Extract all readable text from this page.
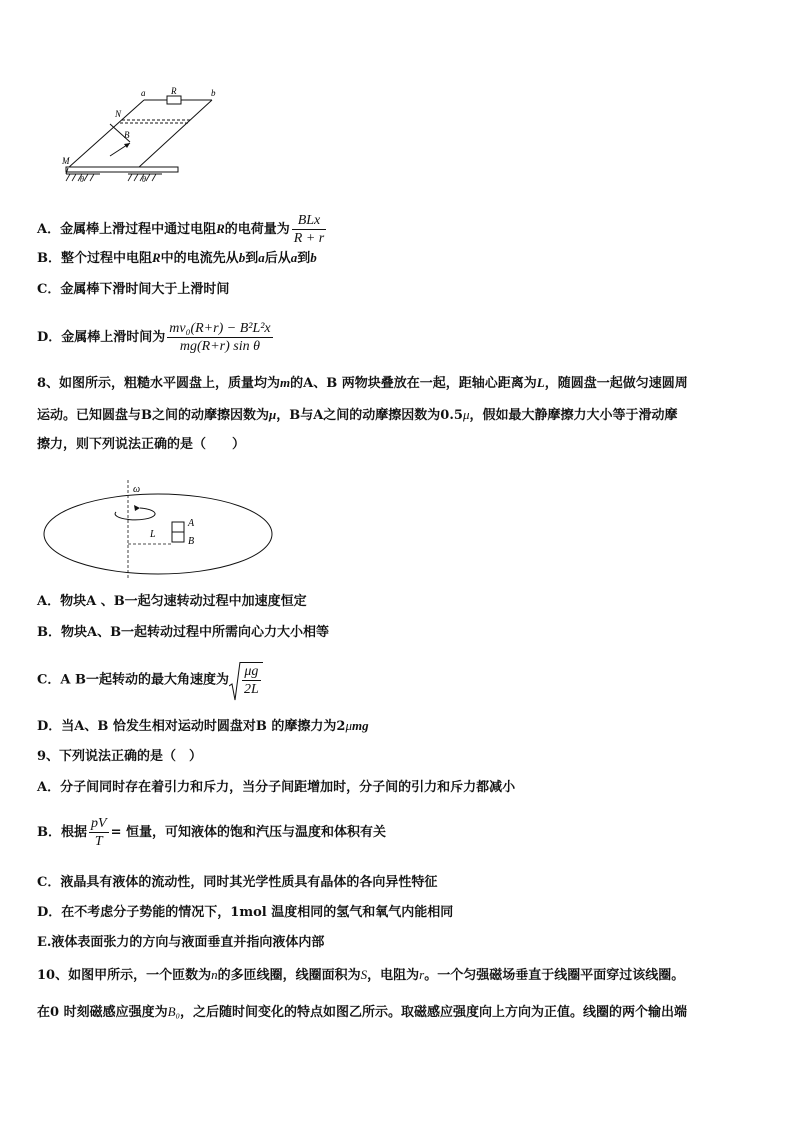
a	R	b
N
B
M
θ	θ
A．金属棒上滑过程中通过电阻R的电荷量为 $\frac{\text{BLx}}{R + r}$
B．整个过程中电阻R中的电流先从b到a后从a到b
C．金属棒下滑时间大于上滑时间
D．金属棒上滑时间为 $\frac{\text{mv₀(R+r) − B²L²x}}{\text{mg(R+r) sin θ}}$
8、如图所示，粗糙水平圆盘上，质量均为m的A、B 两物块叠放在一起，距轴心距离为L，随圆盘一起做匀速圆周
运动。已知圆盘与B之间的动摩擦因数为μ，B与A之间的动摩擦因数为0.5μ，假如最大静摩擦力大小等于滑动摩
擦力，则下列说法正确的是（　　）
ω
A
B
L
A．物块A 、B一起匀速转动过程中加速度恒定
B．物块A、B一起转动过程中所需向心力大小相等
C．A B一起转动的最大角速度为 $\frac{\mu g}{2L}$
D．当A、B 恰发生相对运动时圆盘对B 的摩擦力为2μmg
9、下列说法正确的是（　）
A．分子间同时存在着引力和斥力，当分子间距增加时，分子间的引力和斥力都减小
B．根据 $\frac{pV}{T}$ = 恒量，可知液体的饱和汽压与温度和体积有关
C．液晶具有液体的流动性，同时其光学性质具有晶体的各向异性特征
D．在不考虑分子势能的情况下，1mol 温度相同的氢气和氧气内能相同
E.液体表面张力的方向与液面垂直并指向液体内部
10、如图甲所示，一个匝数为n的多匝线圈，线圈面积为S，电阻为r。一个匀强磁场垂直于线圈平面穿过该线圈。
在0 时刻磁感应强度为B₀，之后随时间变化的特点如图乙所示。取磁感应强度向上方向为正值。线圈的两个输出端
